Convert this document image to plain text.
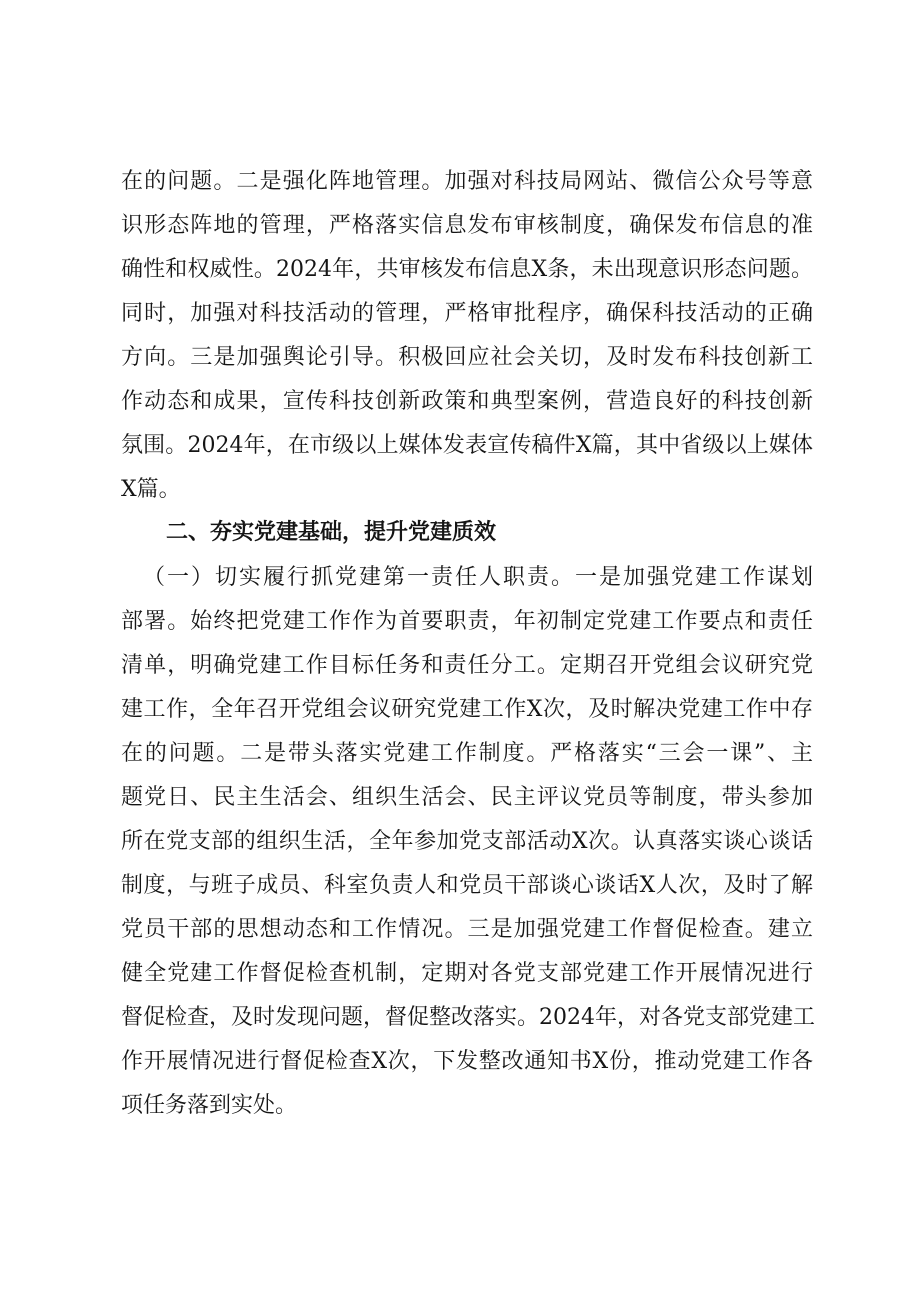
在的问题。二是强化阵地管理。加强对科技局网站、微信公众号等意

识形态阵地的管理，严格落实信息发布审核制度，确保发布信息的准

确性和权威性。2024年，共审核发布信息X条，未出现意识形态问题。

同时，加强对科技活动的管理，严格审批程序，确保科技活动的正确

方向。三是加强舆论引导。积极回应社会关切，及时发布科技创新工

作动态和成果，宣传科技创新政策和典型案例，营造良好的科技创新

氛围。2024年，在市级以上媒体发表宣传稿件X篇，其中省级以上媒体

X篇。

二、夯实党建基础，提升党建质效

（一）切实履行抓党建第一责任人职责。一是加强党建工作谋划

部署。始终把党建工作作为首要职责，年初制定党建工作要点和责任

清单，明确党建工作目标任务和责任分工。定期召开党组会议研究党

建工作，全年召开党组会议研究党建工作X次，及时解决党建工作中存

在的问题。二是带头落实党建工作制度。严格落实“三会一课”、主

题党日、民主生活会、组织生活会、民主评议党员等制度，带头参加

所在党支部的组织生活，全年参加党支部活动X次。认真落实谈心谈话

制度，与班子成员、科室负责人和党员干部谈心谈话X人次，及时了解

党员干部的思想动态和工作情况。三是加强党建工作督促检查。建立

健全党建工作督促检查机制，定期对各党支部党建工作开展情况进行

督促检查，及时发现问题，督促整改落实。2024年，对各党支部党建工

作开展情况进行督促检查X次，下发整改通知书X份，推动党建工作各

项任务落到实处。
